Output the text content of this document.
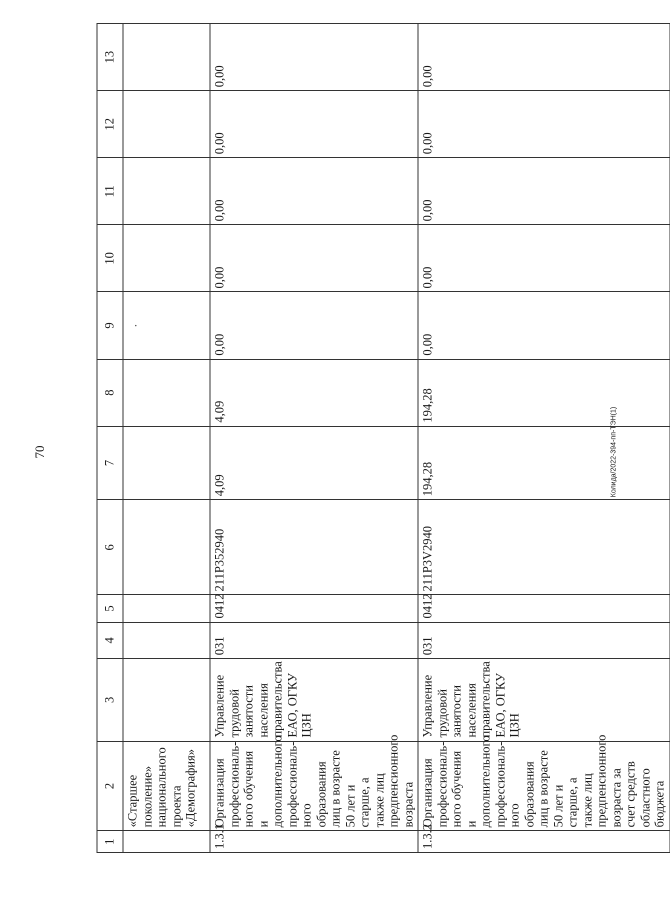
70
1	2	3	4	5	6	7	8	9	10	11	12	13
	«Старшее поколение» национального проекта «Демография»							.				
1.3.1	Организация профессиональ-ного обучения и дополнительного профессиональ-ного образования лиц в возрасте 50 лет и старше, а также лиц предпенсионного возраста	Управление трудовой занятости населения правительства ЕАО, ОГКУ ЦЗН	031	0412	211P352940	4,09	4,09	0,00	0,00	0,00	0,00	0,00
1.3.2	Организация профессиональ-ного обучения и дополнительного профессиональ-ного образования лиц в возрасте 50 лет и старше, а также лиц предпенсионного возраста за счет средств областного бюджета	Управление трудовой занятости населения правительства ЕАО, ОГКУ ЦЗН	031	0412	211P3V2940	194,28	194,28	0,00	0,00	0,00	0,00	0,00
Колида/2022-394-пп-ТЭН(1)
